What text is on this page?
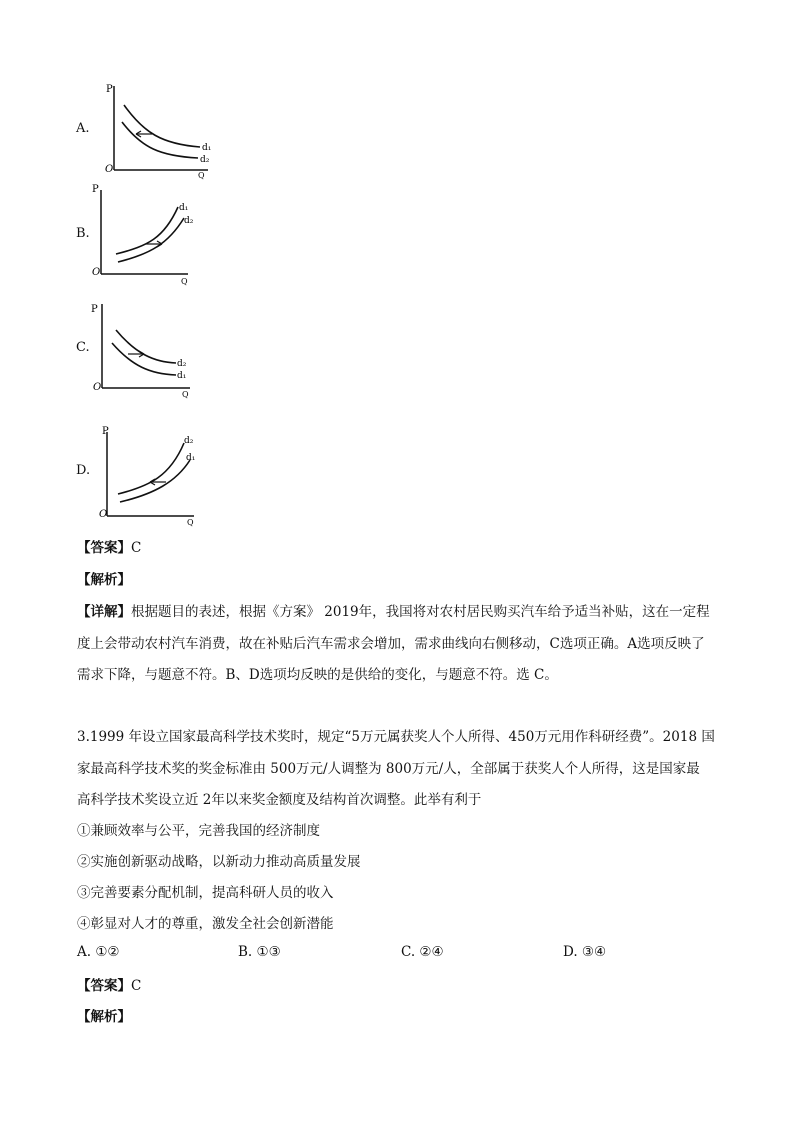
A.
P
O
Q
d₁
d₂
B.
P
O
Q
d₁
d₂
C.
P
O
Q
d₂
d₁
D.
P
O
Q
d₂
d₁
【答案】C
【解析】
【详解】根据题目的表述，根据《方案》 2019年，我国将对农村居民购买汽车给予适当补贴，这在一定程
度上会带动农村汽车消费，故在补贴后汽车需求会增加，需求曲线向右侧移动，C选项正确。A选项反映了
需求下降，与题意不符。B、D选项均反映的是供给的变化，与题意不符。选 C。
3.1999 年设立国家最高科学技术奖时，规定“5万元属获奖人个人所得、450万元用作科研经费”。2018 国
家最高科学技术奖的奖金标准由 500万元/人调整为 800万元/人，全部属于获奖人个人所得，这是国家最
高科学技术奖设立近 2年以来奖金额度及结构首次调整。此举有利于
①兼顾效率与公平，完善我国的经济制度
②实施创新驱动战略，以新动力推动高质量发展
③完善要素分配机制，提高科研人员的收入
④彰显对人才的尊重，激发全社会创新潜能
A. ①②	B. ①③	C. ②④	D. ③④
【答案】C
【解析】
